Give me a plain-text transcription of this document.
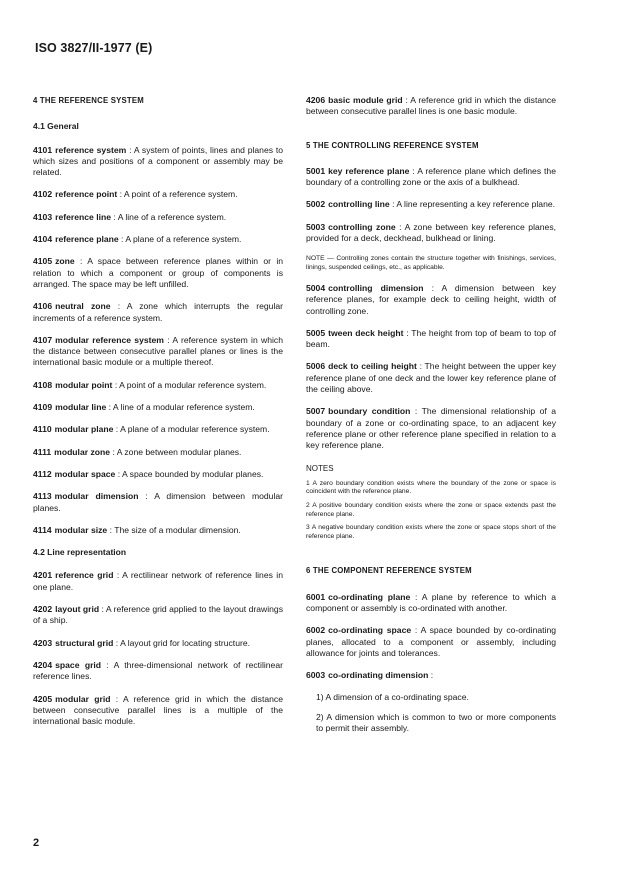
ISO 3827/II-1977 (E)
4 THE REFERENCE SYSTEM
4.1 General

4101 reference system : A system of points, lines and planes to which sizes and positions of a component or assembly may be related.

4102 reference point : A point of a reference system.

4103 reference line : A line of a reference system.

4104 reference plane : A plane of a reference system.

4105 zone : A space between reference planes within or in relation to which a component or group of components is arranged. The space may be left unfilled.

4106 neutral zone : A zone which interrupts the regular increments of a reference system.

4107 modular reference system : A reference system in which the distance between consecutive parallel planes or lines is the international basic module or a multiple thereof.

4108 modular point : A point of a modular reference system.

4109 modular line : A line of a modular reference system.

4110 modular plane : A plane of a modular reference system.

4111 modular zone : A zone between modular planes.

4112 modular space : A space bounded by modular planes.

4113 modular dimension : A dimension between modular planes.

4114 modular size : The size of a modular dimension.

4.2 Line representation

4201 reference grid : A rectilinear network of reference lines in one plane.

4202 layout grid : A reference grid applied to the layout drawings of a ship.

4203 structural grid : A layout grid for locating structure.

4204 space grid : A three-dimensional network of rectilinear reference lines.

4205 modular grid : A reference grid in which the distance between consecutive parallel lines is a multiple of the international basic module.

4206 basic module grid : A reference grid in which the distance between consecutive parallel lines is one basic module.

5 THE CONTROLLING REFERENCE SYSTEM

5001 key reference plane : A reference plane which defines the boundary of a controlling zone or the axis of a bulkhead.

5002 controlling line : A line representing a key reference plane.

5003 controlling zone : A zone between key reference planes, provided for a deck, deckhead, bulkhead or lining.

NOTE — Controlling zones contain the structure together with finishings, services, linings, suspended ceilings, etc., as applicable.

5004 controlling dimension : A dimension between key reference planes, for example deck to ceiling height, width of controlling zone.

5005 tween deck height : The height from top of beam to top of beam.

5006 deck to ceiling height : The height between the upper key reference plane of one deck and the lower key reference plane of the ceiling above.

5007 boundary condition : The dimensional relationship of a boundary of a zone or co-ordinating space, to an adjacent key reference plane or other reference plane specified in relation to a key reference plane.

NOTES

1 A zero boundary condition exists where the boundary of the zone or space is coincident with the reference plane.

2 A positive boundary condition exists where the zone or space extends past the reference plane.

3 A negative boundary condition exists where the zone or space stops short of the reference plane.

6 THE COMPONENT REFERENCE SYSTEM

6001 co-ordinating plane : A plane by reference to which a component or assembly is co-ordinated with another.

6002 co-ordinating space : A space bounded by co-ordinating planes, allocated to a component or assembly, including allowance for joints and tolerances.

6003 co-ordinating dimension :

1) A dimension of a co-ordinating space.

2) A dimension which is common to two or more components to permit their assembly.

2
